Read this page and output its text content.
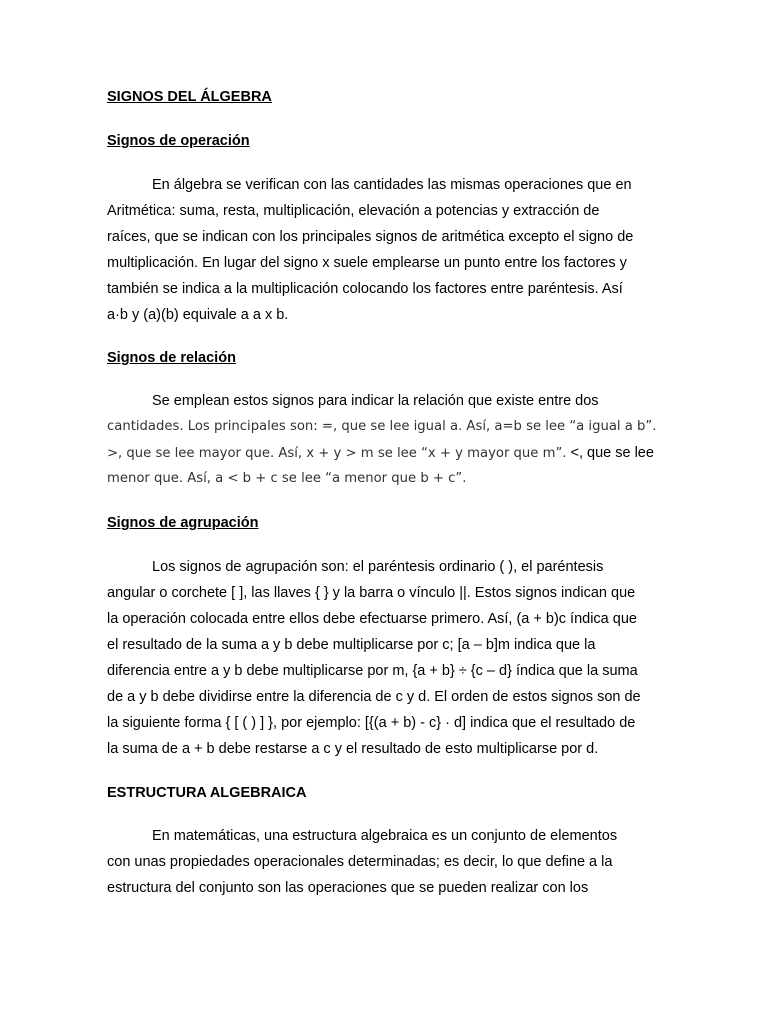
SIGNOS DEL ÁLGEBRA
Signos de operación
En álgebra se verifican con las cantidades las mismas operaciones que en
Aritmética: suma, resta, multiplicación, elevación a potencias y extracción de
raíces, que se indican con los principales signos de aritmética excepto el signo de
multiplicación. En lugar del signo x suele emplearse un punto entre los factores y
también se indica a la multiplicación colocando los factores entre paréntesis. Así
a·b y (a)(b) equivale a a x b.
Signos de relación
Se emplean estos signos para indicar la relación que existe entre dos
cantidades. Los principales son: =, que se lee igual a. Así, a=b se lee “a igual a b”.
>, que se lee mayor que. Así, x + y > m se lee “x + y mayor que m”. <, que se lee
menor que. Así, a < b + c se lee “a menor que b + c”.
Signos de agrupación
Los signos de agrupación son: el paréntesis ordinario ( ), el paréntesis
angular o corchete [ ], las llaves { } y la barra o vínculo ||. Estos signos indican que
la operación colocada entre ellos debe efectuarse primero. Así, (a + b)c índica que
el resultado de la suma a y b debe multiplicarse por c; [a – b]m indica que la
diferencia entre a y b debe multiplicarse por m, {a + b} ÷ {c – d} índica que la suma
de a y b debe dividirse entre la diferencia de c y d. El orden de estos signos son de
la siguiente forma { [ ( ) ] }, por ejemplo: [{(a + b) - c} · d] indica que el resultado de
la suma de a + b debe restarse a c y el resultado de esto multiplicarse por d.
ESTRUCTURA ALGEBRAICA
En matemáticas, una estructura algebraica es un conjunto de elementos
con unas propiedades operacionales determinadas; es decir, lo que define a la
estructura del conjunto son las operaciones que se pueden realizar con los
